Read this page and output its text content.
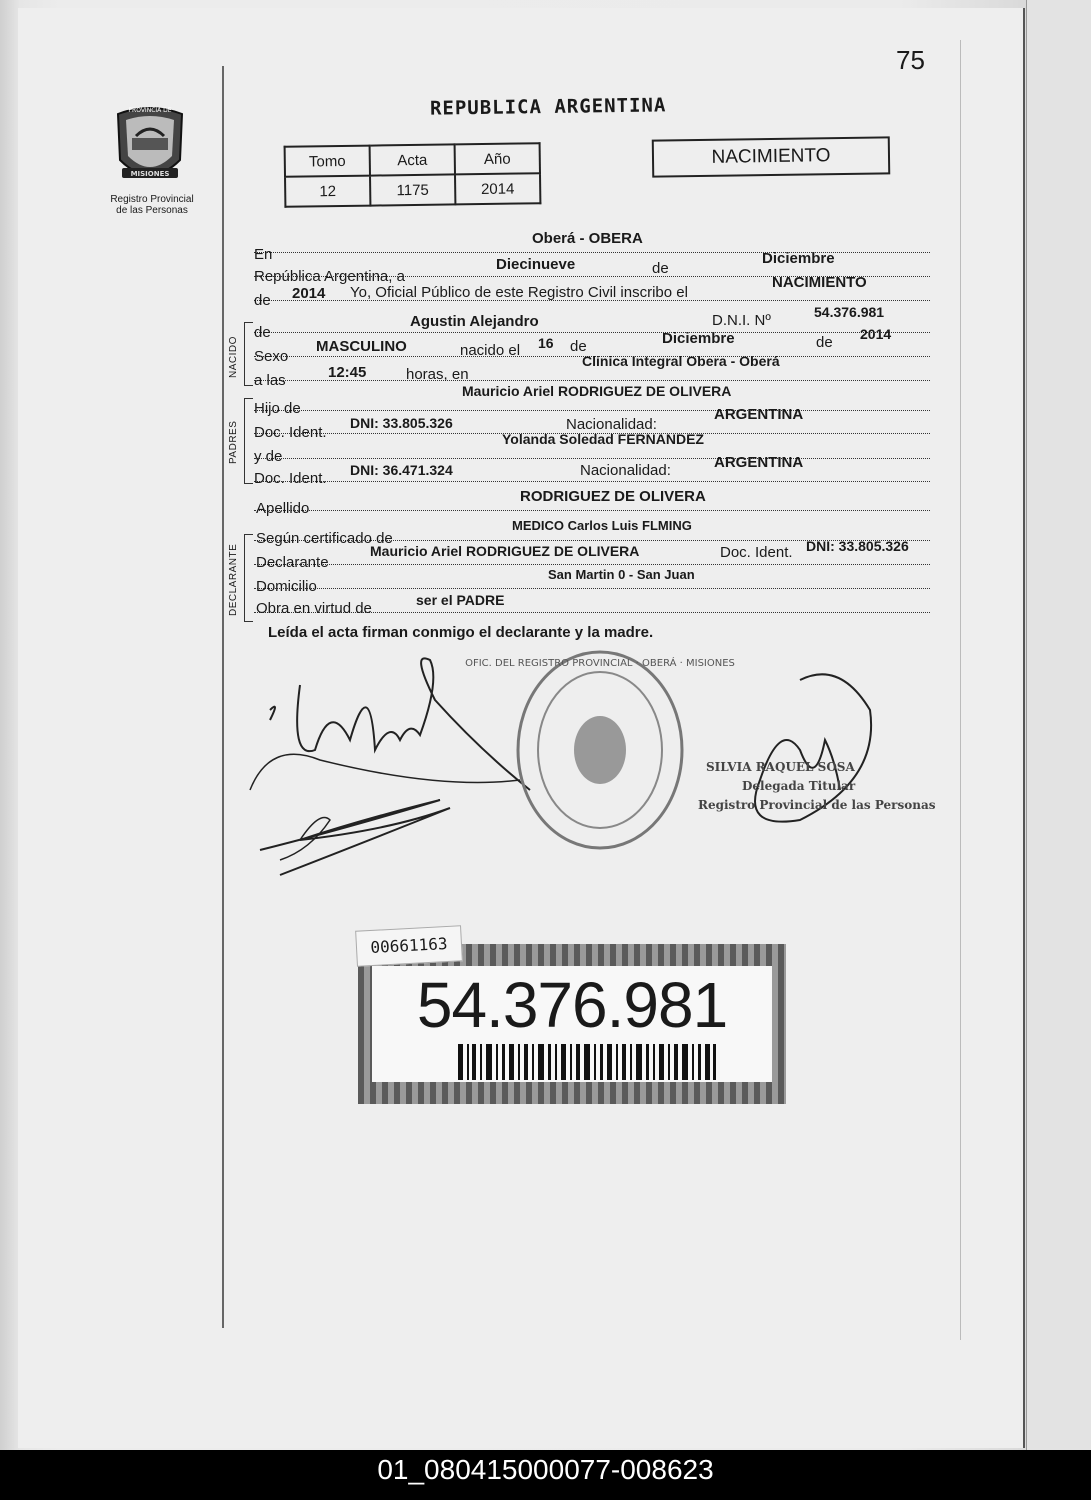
75
PROVINCIA DE
MISIONES
Registro Provincial
de las Personas
REPUBLICA ARGENTINA
Tomo	Acta	Año
12	1175	2014
NACIMIENTO
En
Oberá - OBERA
República Argentina, a
Diecinueve	de
Diciembre
de 2014 Yo, Oficial Público de este Registro Civil inscribo el
NACIMIENTO
NACIDO
de
Agustin Alejandro	D.N.I. Nº	54.376.981
Sexo
MASCULINO	nacido el 16 de	Diciembre	de 2014
a las	12:45	horas, en
Clinica Integral Obera - Oberá
PADRES
Hijo de
Mauricio Ariel RODRIGUEZ DE OLIVERA
Doc. Ident.
DNI: 33.805.326	Nacionalidad:
ARGENTINA
y de
Yolanda Soledad FERNANDEZ
Doc. Ident. DNI: 36.471.324	Nacionalidad:	ARGENTINA
Apellido
RODRIGUEZ DE OLIVERA
DECLARANTE
Según certificado de
MEDICO Carlos Luis FLMING
Declarante
Mauricio Ariel RODRIGUEZ DE OLIVERA	Doc. Ident. DNI: 33.805.326
Domicilio
San Martin 0 - San Juan
Obra en virtud de	ser el PADRE
Leída el acta firman conmigo el declarante y la madre.
OFIC. DEL REGISTRO PROVINCIAL · OBERÁ · MISIONES
SILVIA RAQUEL SOSA
Delegada Titular
Registro Provincial de las Personas
54.376.981
00661163
01_080415000077-008623
